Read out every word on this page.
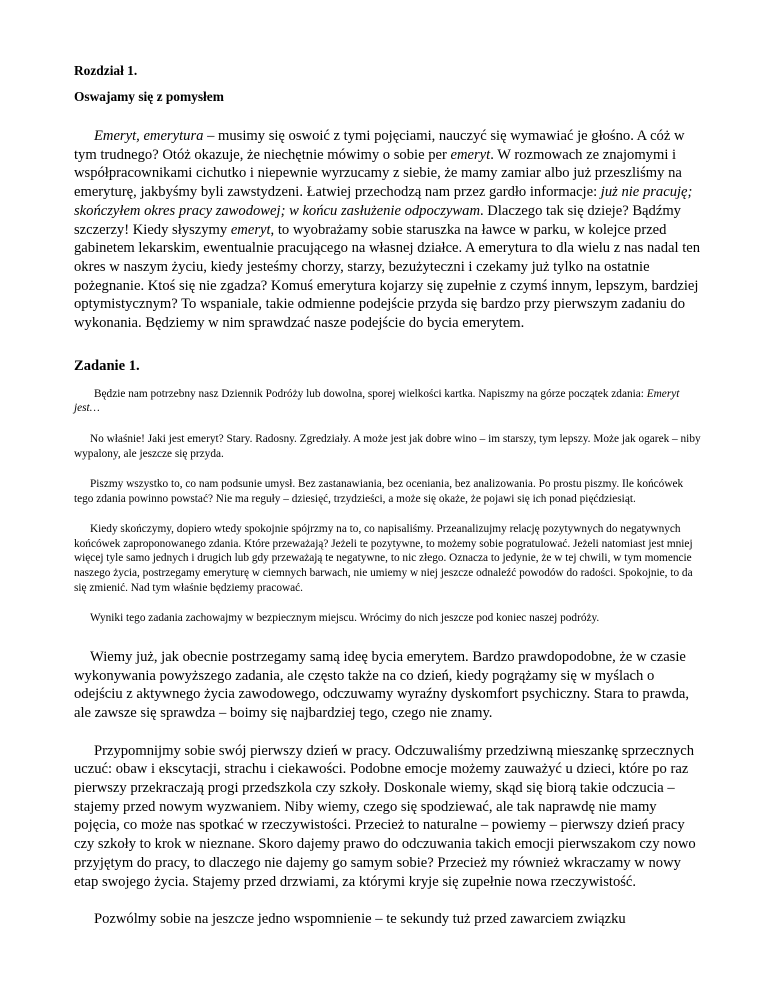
Rozdział 1.

Oswajamy się z pomysłem

Emeryt, emerytura – musimy się oswoić z tymi pojęciami, nauczyć się wymawiać je głośno. A cóż w tym trudnego? Otóż okazuje, że niechętnie mówimy o sobie per emeryt. W rozmowach ze znajomymi i współpracownikami cichutko i niepewnie wyrzucamy z siebie, że mamy zamiar albo już przeszliśmy na emeryturę, jakbyśmy byli zawstydzeni. Łatwiej przechodzą nam przez gardło informacje: już nie pracuję; skończyłem okres pracy zawodowej; w końcu zasłużenie odpoczywam. Dlaczego tak się dzieje? Bądźmy szczerzy! Kiedy słyszymy emeryt, to wyobrażamy sobie staruszka na ławce w parku, w kolejce przed gabinetem lekarskim, ewentualnie pracującego na własnej działce. A emerytura to dla wielu z nas nadal ten okres w naszym życiu, kiedy jesteśmy chorzy, starzy, bezużyteczni i czekamy już tylko na ostatnie pożegnanie. Ktoś się nie zgadza? Komuś emerytura kojarzy się zupełnie z czymś innym, lepszym, bardziej optymistycznym? To wspaniale, takie odmienne podejście przyda się bardzo przy pierwszym zadaniu do wykonania. Będziemy w nim sprawdzać nasze podejście do bycia emerytem.

Zadanie 1.

Będzie nam potrzebny nasz Dziennik Podróży lub dowolna, sporej wielkości kartka. Napiszmy na górze początek zdania: Emeryt jest…

No właśnie! Jaki jest emeryt? Stary. Radosny. Zgredziały. A może jest jak dobre wino – im starszy, tym lepszy. Może jak ogarek – niby wypalony, ale jeszcze się przyda.

Piszmy wszystko to, co nam podsunie umysł. Bez zastanawiania, bez oceniania, bez analizowania. Po prostu piszmy. Ile końcówek tego zdania powinno powstać? Nie ma reguły – dziesięć, trzydzieści, a może się okaże, że pojawi się ich ponad pięćdziesiąt.

Kiedy skończymy, dopiero wtedy spokojnie spójrzmy na to, co napisaliśmy. Przeanalizujmy relację pozytywnych do negatywnych końcówek zaproponowanego zdania. Które przeważają? Jeżeli te pozytywne, to możemy sobie pogratulować. Jeżeli natomiast jest mniej więcej tyle samo jednych i drugich lub gdy przeważają te negatywne, to nic złego. Oznacza to jedynie, że w tej chwili, w tym momencie naszego życia, postrzegamy emeryturę w ciemnych barwach, nie umiemy w niej jeszcze odnaleźć powodów do radości. Spokojnie, to da się zmienić. Nad tym właśnie będziemy pracować.

Wyniki tego zadania zachowajmy w bezpiecznym miejscu. Wrócimy do nich jeszcze pod koniec naszej podróży.

Wiemy już, jak obecnie postrzegamy samą ideę bycia emerytem. Bardzo prawdopodobne, że w czasie wykonywania powyższego zadania, ale często także na co dzień, kiedy pogrążamy się w myślach o odejściu z aktywnego życia zawodowego, odczuwamy wyraźny dyskomfort psychiczny. Stara to prawda, ale zawsze się sprawdza – boimy się najbardziej tego, czego nie znamy.

Przypomnijmy sobie swój pierwszy dzień w pracy. Odczuwaliśmy przedziwną mieszankę sprzecznych uczuć: obaw i ekscytacji, strachu i ciekawości. Podobne emocje możemy zauważyć u dzieci, które po raz pierwszy przekraczają progi przedszkola czy szkoły. Doskonale wiemy, skąd się biorą takie odczucia – stajemy przed nowym wyzwaniem. Niby wiemy, czego się spodziewać, ale tak naprawdę nie mamy pojęcia, co może nas spotkać w rzeczywistości. Przecież to naturalne – powiemy – pierwszy dzień pracy czy szkoły to krok w nieznane. Skoro dajemy prawo do odczuwania takich emocji pierwszakom czy nowo przyjętym do pracy, to dlaczego nie dajemy go samym sobie? Przecież my również wkraczamy w nowy etap swojego życia. Stajemy przed drzwiami, za którymi kryje się zupełnie nowa rzeczywistość.

Pozwólmy sobie na jeszcze jedno wspomnienie – te sekundy tuż przed zawarciem związku
